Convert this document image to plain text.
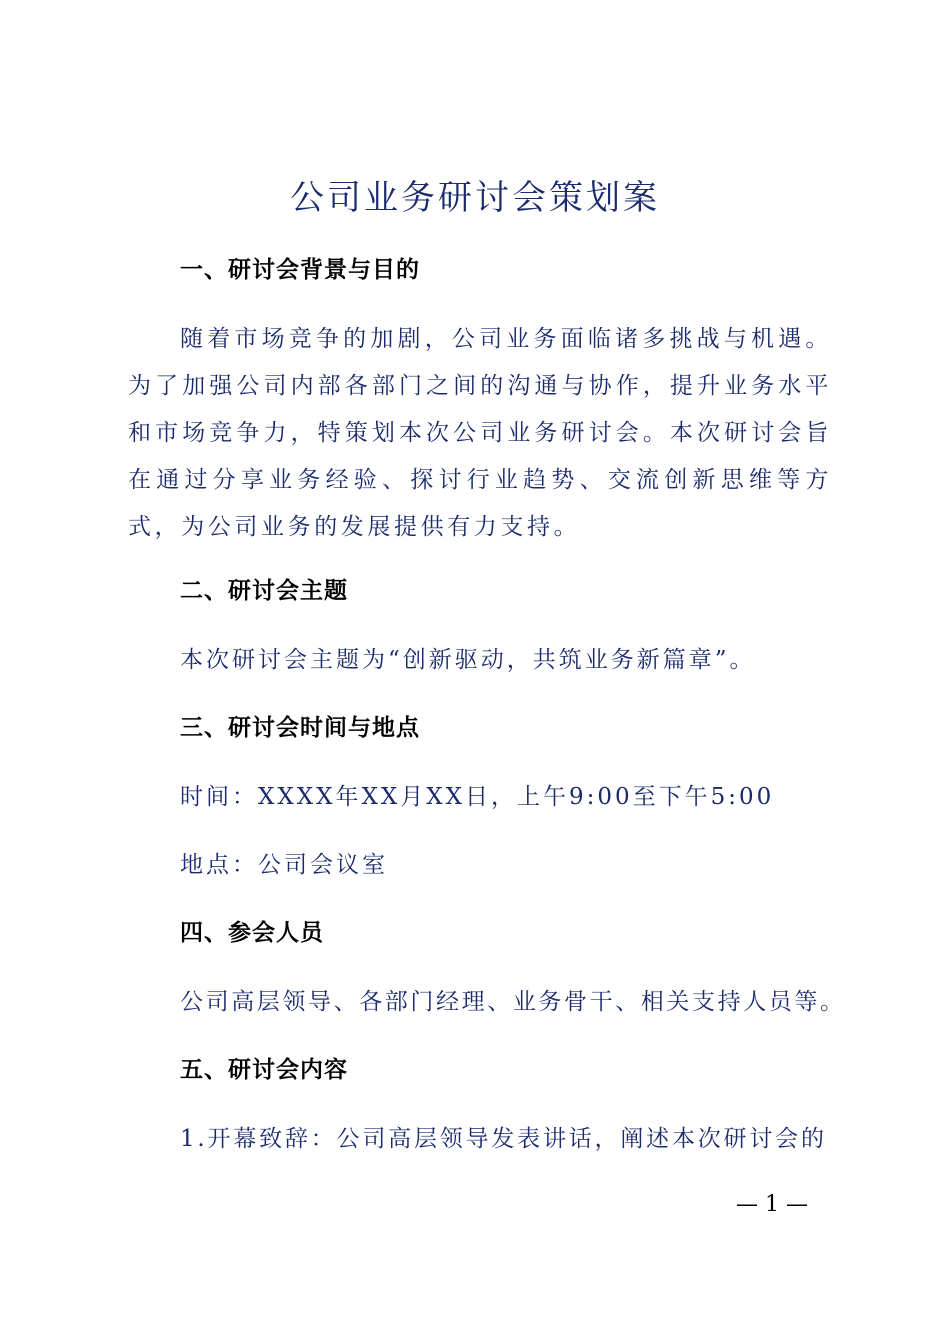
公司业务研讨会策划案
一、研讨会背景与目的
随着市场竞争的加剧，公司业务面临诸多挑战与机遇。为了加强公司内部各部门之间的沟通与协作，提升业务水平和市场竞争力，特策划本次公司业务研讨会。本次研讨会旨在通过分享业务经验、探讨行业趋势、交流创新思维等方式，为公司业务的发展提供有力支持。
二、研讨会主题
本次研讨会主题为“创新驱动，共筑业务新篇章”。
三、研讨会时间与地点
时间：XXXX年XX月XX日，上午9:00至下午5:00
地点：公司会议室
四、参会人员
公司高层领导、各部门经理、业务骨干、相关支持人员等。
五、研讨会内容
1.开幕致辞：公司高层领导发表讲话，阐述本次研讨会的
— 1 —
